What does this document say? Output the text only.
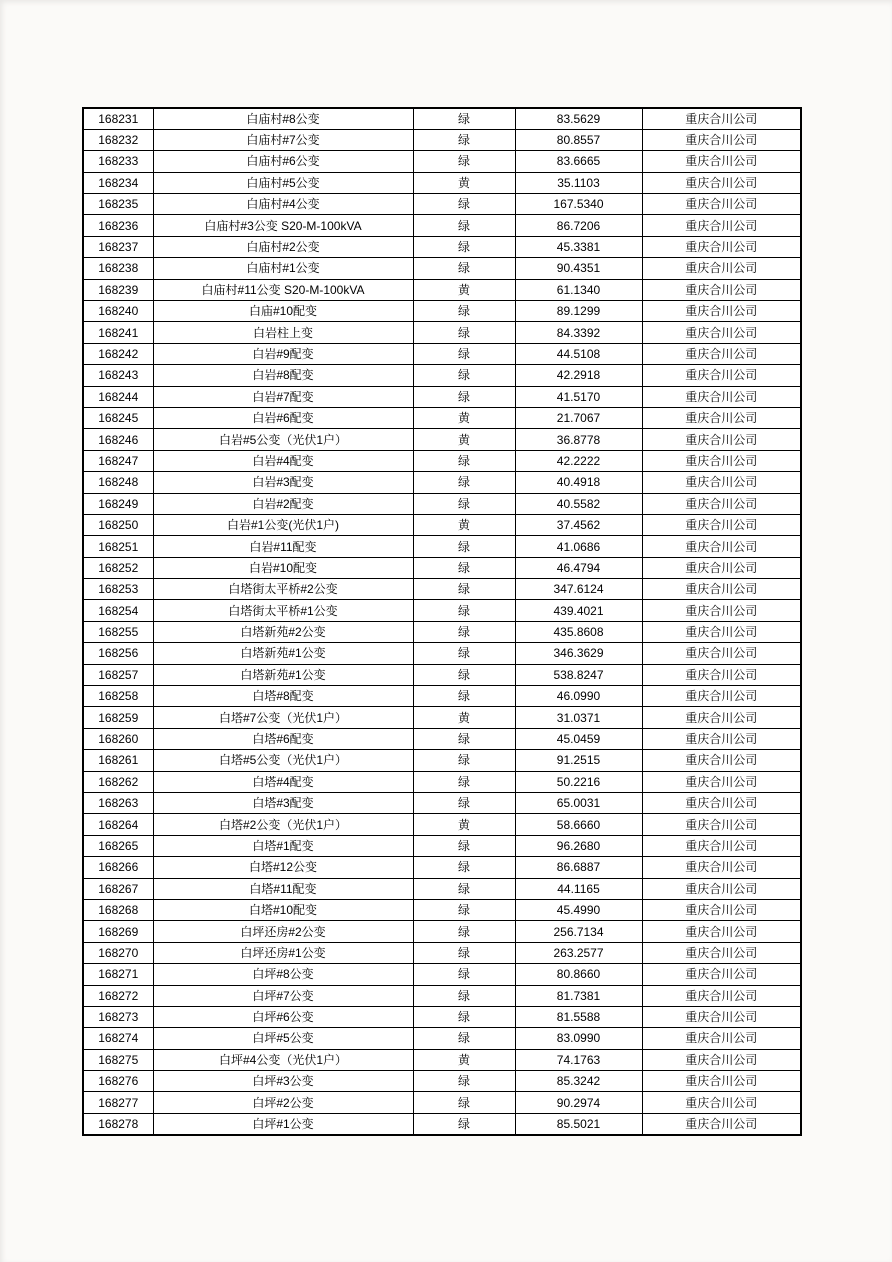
168231	白庙村#8公变	绿	83.5629	重庆合川公司
168232	白庙村#7公变	绿	80.8557	重庆合川公司
168233	白庙村#6公变	绿	83.6665	重庆合川公司
168234	白庙村#5公变	黄	35.1103	重庆合川公司
168235	白庙村#4公变	绿	167.5340	重庆合川公司
168236	白庙村#3公变 S20-M-100kVA	绿	86.7206	重庆合川公司
168237	白庙村#2公变	绿	45.3381	重庆合川公司
168238	白庙村#1公变	绿	90.4351	重庆合川公司
168239	白庙村#11公变 S20-M-100kVA	黄	61.1340	重庆合川公司
168240	白庙#10配变	绿	89.1299	重庆合川公司
168241	白岩柱上变	绿	84.3392	重庆合川公司
168242	白岩#9配变	绿	44.5108	重庆合川公司
168243	白岩#8配变	绿	42.2918	重庆合川公司
168244	白岩#7配变	绿	41.5170	重庆合川公司
168245	白岩#6配变	黄	21.7067	重庆合川公司
168246	白岩#5公变（光伏1户）	黄	36.8778	重庆合川公司
168247	白岩#4配变	绿	42.2222	重庆合川公司
168248	白岩#3配变	绿	40.4918	重庆合川公司
168249	白岩#2配变	绿	40.5582	重庆合川公司
168250	白岩#1公变(光伏1户)	黄	37.4562	重庆合川公司
168251	白岩#11配变	绿	41.0686	重庆合川公司
168252	白岩#10配变	绿	46.4794	重庆合川公司
168253	白塔街太平桥#2公变	绿	347.6124	重庆合川公司
168254	白塔街太平桥#1公变	绿	439.4021	重庆合川公司
168255	白塔新苑#2公变	绿	435.8608	重庆合川公司
168256	白塔新苑#1公变	绿	346.3629	重庆合川公司
168257	白塔新苑#1公变	绿	538.8247	重庆合川公司
168258	白塔#8配变	绿	46.0990	重庆合川公司
168259	白塔#7公变（光伏1户）	黄	31.0371	重庆合川公司
168260	白塔#6配变	绿	45.0459	重庆合川公司
168261	白塔#5公变（光伏1户）	绿	91.2515	重庆合川公司
168262	白塔#4配变	绿	50.2216	重庆合川公司
168263	白塔#3配变	绿	65.0031	重庆合川公司
168264	白塔#2公变（光伏1户）	黄	58.6660	重庆合川公司
168265	白塔#1配变	绿	96.2680	重庆合川公司
168266	白塔#12公变	绿	86.6887	重庆合川公司
168267	白塔#11配变	绿	44.1165	重庆合川公司
168268	白塔#10配变	绿	45.4990	重庆合川公司
168269	白坪还房#2公变	绿	256.7134	重庆合川公司
168270	白坪还房#1公变	绿	263.2577	重庆合川公司
168271	白坪#8公变	绿	80.8660	重庆合川公司
168272	白坪#7公变	绿	81.7381	重庆合川公司
168273	白坪#6公变	绿	81.5588	重庆合川公司
168274	白坪#5公变	绿	83.0990	重庆合川公司
168275	白坪#4公变（光伏1户）	黄	74.1763	重庆合川公司
168276	白坪#3公变	绿	85.3242	重庆合川公司
168277	白坪#2公变	绿	90.2974	重庆合川公司
168278	白坪#1公变	绿	85.5021	重庆合川公司
